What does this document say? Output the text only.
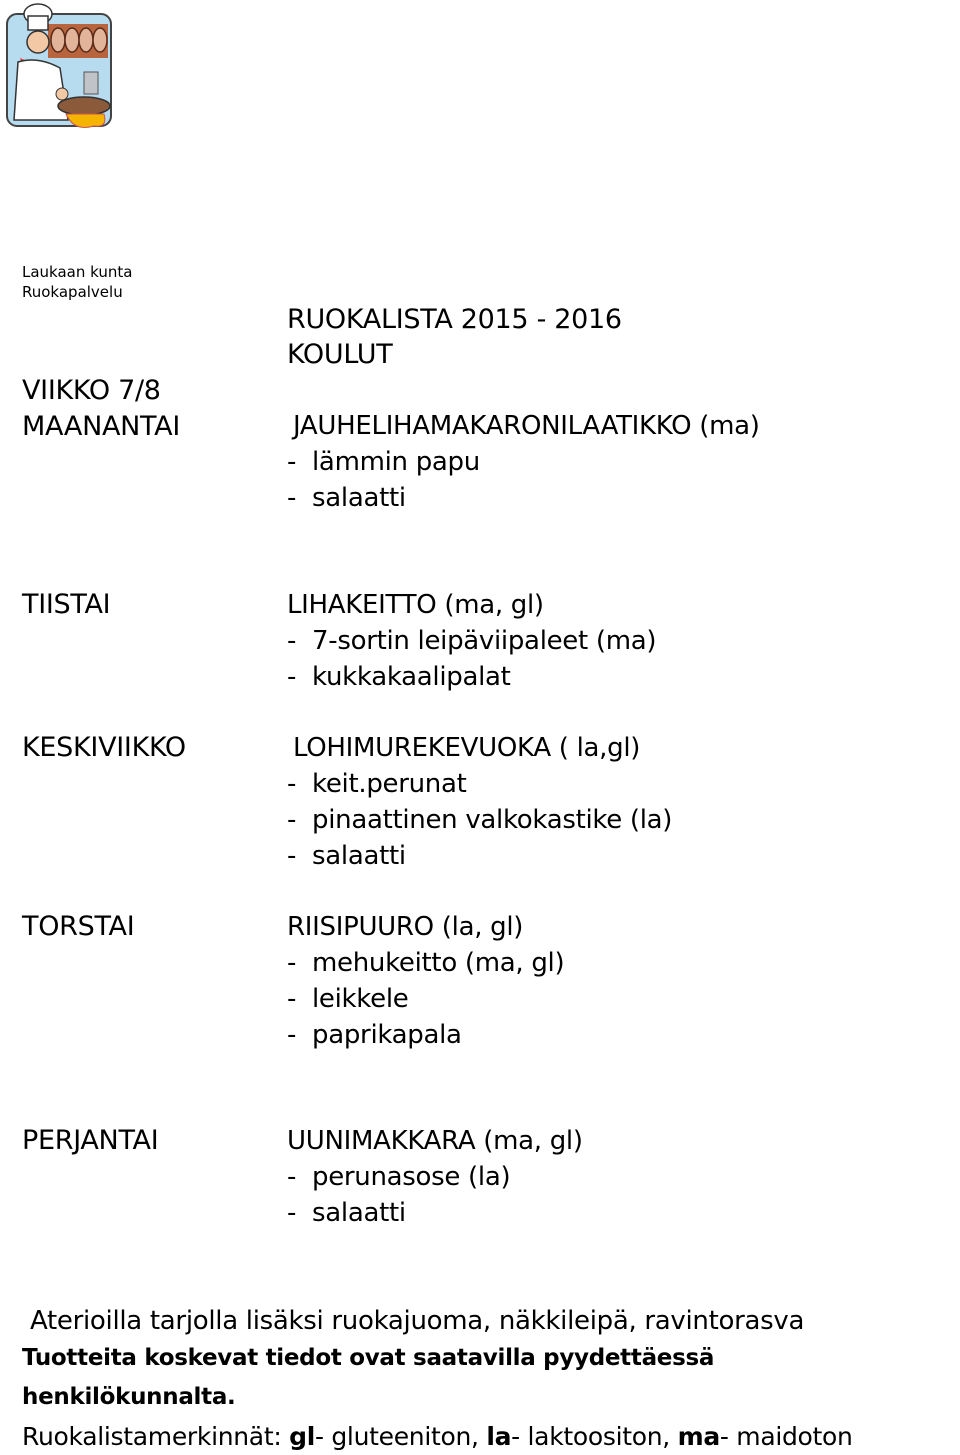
Laukaan kunta
Ruokapalvelu
RUOKALISTA 2015 - 2016
KOULUT
VIIKKO 7/8
MAANANTAI	JAUHELIHAMAKARONILAATIKKO (ma)
-  lämmin papu
-  salaatti
TIISTAI	LIHAKEITTO (ma, gl)
-  7-sortin leipäviipaleet (ma)
-  kukkakaalipalat
KESKIVIIKKO	LOHIMUREKEVUOKA ( la,gl)
-  keit.perunat
-  pinaattinen valkokastike (la)
-  salaatti
TORSTAI	RIISIPUURO (la, gl)
-  mehukeitto (ma, gl)
-  leikkele
-  paprikapala
PERJANTAI	UUNIMAKKARA (ma, gl)
-  perunasose (la)
-  salaatti
Aterioilla tarjolla lisäksi ruokajuoma, näkkileipä, ravintorasva
Tuotteita koskevat tiedot ovat saatavilla pyydettäessä
henkilökunnalta.
Ruokalistamerkinnät: gl- gluteeniton, la- laktoositon, ma- maidoton
